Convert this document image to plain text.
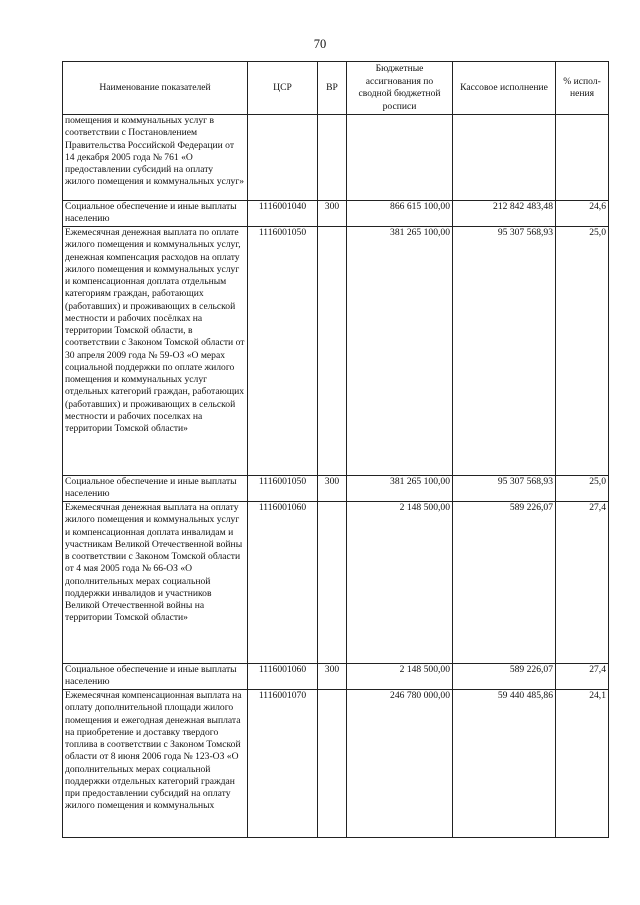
70
Наименование показателей	ЦСР	ВР	Бюджетные ассигнования по сводной бюджетной росписи	Кассовое исполнение	% испол-нения
помещения и коммунальных услуг в соответствии с Постановлением Правительства Российской Федерации от 14 декабря 2005 года № 761 «О предоставлении субсидий на оплату жилого помещения и коммунальных услуг»					
Социальное обеспечение и иные выплаты населению	1116001040	300	866 615 100,00	212 842 483,48	24,6
Ежемесячная денежная выплата по оплате жилого помещения и коммунальных услуг, денежная компенсация расходов на оплату жилого помещения и коммунальных услуг и компенсационная доплата отдельным категориям граждан, работающих (работавших) и проживающих в сельской местности и рабочих посёлках на территории Томской области, в соответствии с Законом Томской области от 30 апреля 2009 года № 59-ОЗ «О мерах социальной поддержки по оплате жилого помещения и коммунальных услуг отдельных категорий граждан, работающих (работавших) и проживающих в сельской местности и рабочих поселках на территории Томской области»	1116001050		381 265 100,00	95 307 568,93	25,0
Социальное обеспечение и иные выплаты населению	1116001050	300	381 265 100,00	95 307 568,93	25,0
Ежемесячная денежная выплата на оплату жилого помещения и коммунальных услуг и компенсационная доплата инвалидам и участникам Великой Отечественной войны в соответствии с Законом Томской области от 4 мая 2005 года № 66-ОЗ «О дополнительных мерах социальной поддержки инвалидов и участников Великой Отечественной войны на территории Томской области»	1116001060		2 148 500,00	589 226,07	27,4
Социальное обеспечение и иные выплаты населению	1116001060	300	2 148 500,00	589 226,07	27,4
Ежемесячная компенсационная выплата на оплату дополнительной площади жилого помещения и ежегодная денежная выплата на приобретение и доставку твердого топлива в соответствии с Законом Томской области от 8 июня 2006 года № 123-ОЗ «О дополнительных мерах социальной поддержки отдельных категорий граждан при предоставлении субсидий на оплату жилого помещения и коммунальных	1116001070		246 780 000,00	59 440 485,86	24,1
